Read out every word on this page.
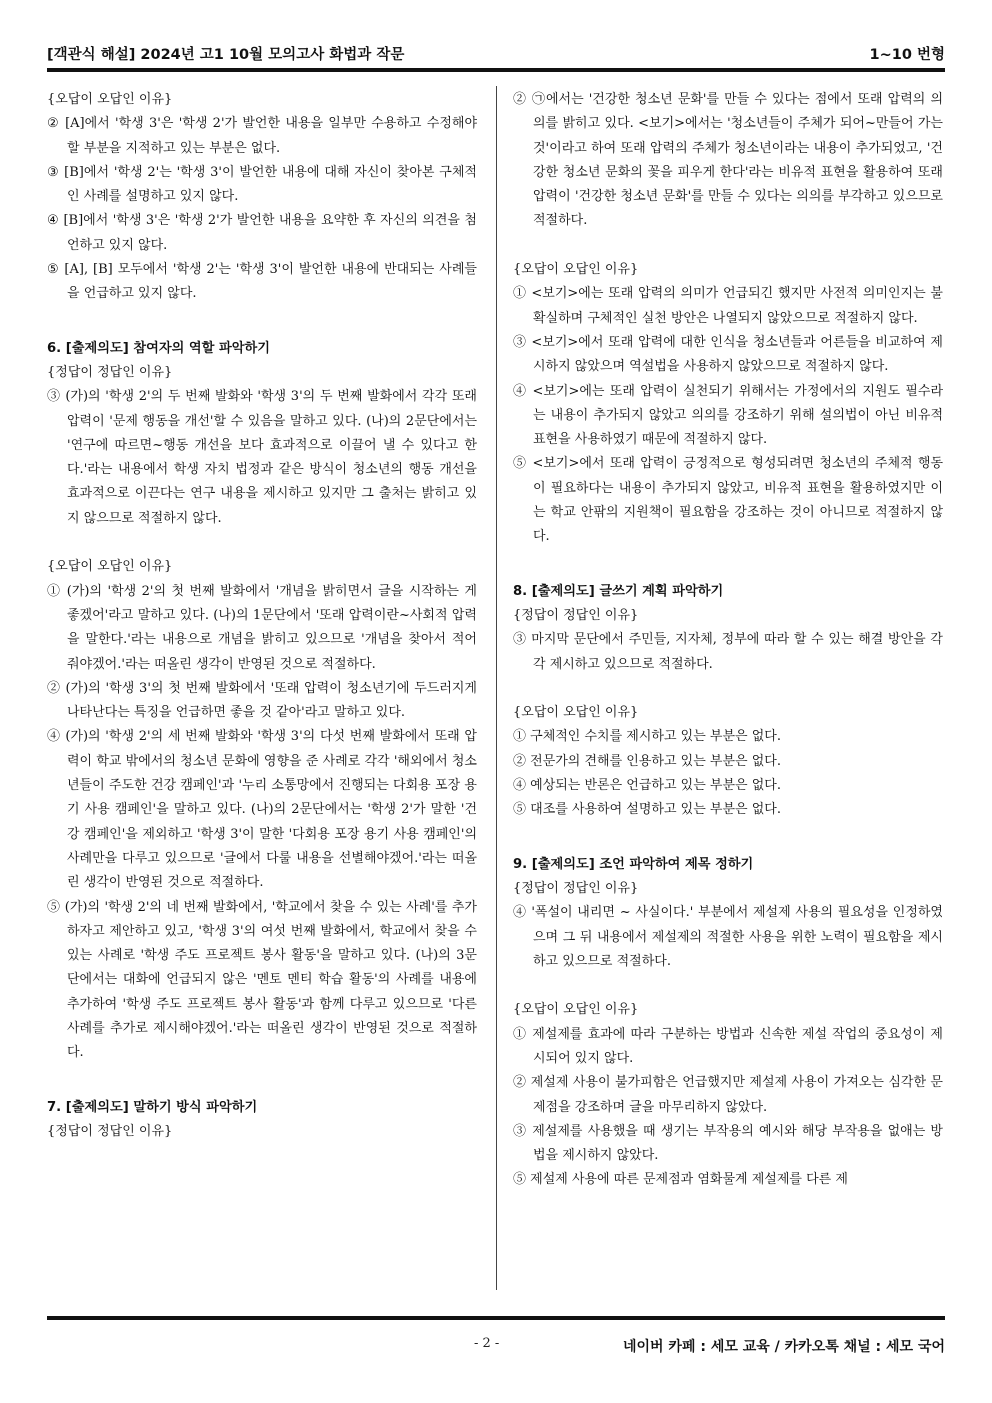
[객관식 해설] 2024년 고1 10월 모의고사 화법과 작문	1~10 번형

{오답이 오답인 이유}

② [A]에서 '학생 3'은 '학생 2'가 발언한 내용을 일부만 수용하고 수정해야 할 부분을 지적하고 있는 부분은 없다.

③ [B]에서 '학생 2'는 '학생 3'이 발언한 내용에 대해 자신이 찾아본 구체적인 사례를 설명하고 있지 않다.

④ [B]에서 '학생 3'은 '학생 2'가 발언한 내용을 요약한 후 자신의 의견을 첨언하고 있지 않다.

⑤ [A], [B] 모두에서 '학생 2'는 '학생 3'이 발언한 내용에 반대되는 사례들을 언급하고 있지 않다.

6. [출제의도] 참여자의 역할 파악하기

{정답이 정답인 이유}

③ (가)의 '학생 2'의 두 번째 발화와 '학생 3'의 두 번째 발화에서 각각 또래 압력이 '문제 행동을 개선'할 수 있음을 말하고 있다. (나)의 2문단에서는 '연구에 따르면~행동 개선을 보다 효과적으로 이끌어 낼 수 있다고 한다.'라는 내용에서 학생 자치 법정과 같은 방식이 청소년의 행동 개선을 효과적으로 이끈다는 연구 내용을 제시하고 있지만 그 출처는 밝히고 있지 않으므로 적절하지 않다.

{오답이 오답인 이유}

① (가)의 '학생 2'의 첫 번째 발화에서 '개념을 밝히면서 글을 시작하는 게 좋겠어'라고 말하고 있다. (나)의 1문단에서 '또래 압력이란~사회적 압력을 말한다.'라는 내용으로 개념을 밝히고 있으므로 '개념을 찾아서 적어 줘야겠어.'라는 떠올린 생각이 반영된 것으로 적절하다.

② (가)의 '학생 3'의 첫 번째 발화에서 '또래 압력이 청소년기에 두드러지게 나타난다는 특징을 언급하면 좋을 것 같아'라고 말하고 있다.

④ (가)의 '학생 2'의 세 번째 발화와 '학생 3'의 다섯 번째 발화에서 또래 압력이 학교 밖에서의 청소년 문화에 영향을 준 사례로 각각 '해외에서 청소년들이 주도한 건강 캠페인'과 '누리 소통망에서 진행되는 다회용 포장 용기 사용 캠페인'을 말하고 있다. (나)의 2문단에서는 '학생 2'가 말한 '건강 캠페인'을 제외하고 '학생 3'이 말한 '다회용 포장 용기 사용 캠페인'의 사례만을 다루고 있으므로 '글에서 다룰 내용을 선별해야겠어.'라는 떠올린 생각이 반영된 것으로 적절하다.

⑤ (가)의 '학생 2'의 네 번째 발화에서, '학교에서 찾을 수 있는 사례'를 추가하자고 제안하고 있고, '학생 3'의 여섯 번째 발화에서, 학교에서 찾을 수 있는 사례로 '학생 주도 프로젝트 봉사 활동'을 말하고 있다. (나)의 3문단에서는 대화에 언급되지 않은 '멘토 멘티 학습 활동'의 사례를 내용에 추가하여 '학생 주도 프로젝트 봉사 활동'과 함께 다루고 있으므로 '다른 사례를 추가로 제시해야겠어.'라는 떠올린 생각이 반영된 것으로 적절하다.

7. [출제의도] 말하기 방식 파악하기

{정답이 정답인 이유}

② ㉠에서는 '건강한 청소년 문화'를 만들 수 있다는 점에서 또래 압력의 의의를 밝히고 있다. <보기>에서는 '청소년들이 주체가 되어~만들어 가는 것'이라고 하여 또래 압력의 주체가 청소년이라는 내용이 추가되었고, '건강한 청소년 문화의 꽃을 피우게 한다'라는 비유적 표현을 활용하여 또래 압력이 '건강한 청소년 문화'를 만들 수 있다는 의의를 부각하고 있으므로 적절하다.

{오답이 오답인 이유}

① <보기>에는 또래 압력의 의미가 언급되긴 했지만 사전적 의미인지는 불확실하며 구체적인 실천 방안은 나열되지 않았으므로 적절하지 않다.

③ <보기>에서 또래 압력에 대한 인식을 청소년들과 어른들을 비교하여 제시하지 않았으며 역설법을 사용하지 않았으므로 적절하지 않다.

④ <보기>에는 또래 압력이 실천되기 위해서는 가정에서의 지원도 필수라는 내용이 추가되지 않았고 의의를 강조하기 위해 설의법이 아닌 비유적 표현을 사용하였기 때문에 적절하지 않다.

⑤ <보기>에서 또래 압력이 긍정적으로 형성되려면 청소년의 주체적 행동이 필요하다는 내용이 추가되지 않았고, 비유적 표현을 활용하였지만 이는 학교 안팎의 지원책이 필요함을 강조하는 것이 아니므로 적절하지 않다.

8. [출제의도] 글쓰기 계획 파악하기

{정답이 정답인 이유}

③ 마지막 문단에서 주민들, 지자체, 정부에 따라 할 수 있는 해결 방안을 각각 제시하고 있으므로 적절하다.

{오답이 오답인 이유}

① 구체적인 수치를 제시하고 있는 부분은 없다.

② 전문가의 견해를 인용하고 있는 부분은 없다.

④ 예상되는 반론은 언급하고 있는 부분은 없다.

⑤ 대조를 사용하여 설명하고 있는 부분은 없다.

9. [출제의도] 조언 파악하여 제목 정하기

{정답이 정답인 이유}

④ '폭설이 내리면 ~ 사실이다.' 부분에서 제설제 사용의 필요성을 인정하였으며 그 뒤 내용에서 제설제의 적절한 사용을 위한 노력이 필요함을 제시하고 있으므로 적절하다.

{오답이 오답인 이유}

① 제설제를 효과에 따라 구분하는 방법과 신속한 제설 작업의 중요성이 제시되어 있지 않다.

② 제설제 사용이 불가피함은 언급했지만 제설제 사용이 가져오는 심각한 문제점을 강조하며 글을 마무리하지 않았다.

③ 제설제를 사용했을 때 생기는 부작용의 예시와 해당 부작용을 없애는 방법을 제시하지 않았다.

⑤ 제설제 사용에 따른 문제점과 염화물계 제설제를 다른 제

- 2 -	네이버 카페 : 세모 교육 / 카카오톡 채널 : 세모 국어
